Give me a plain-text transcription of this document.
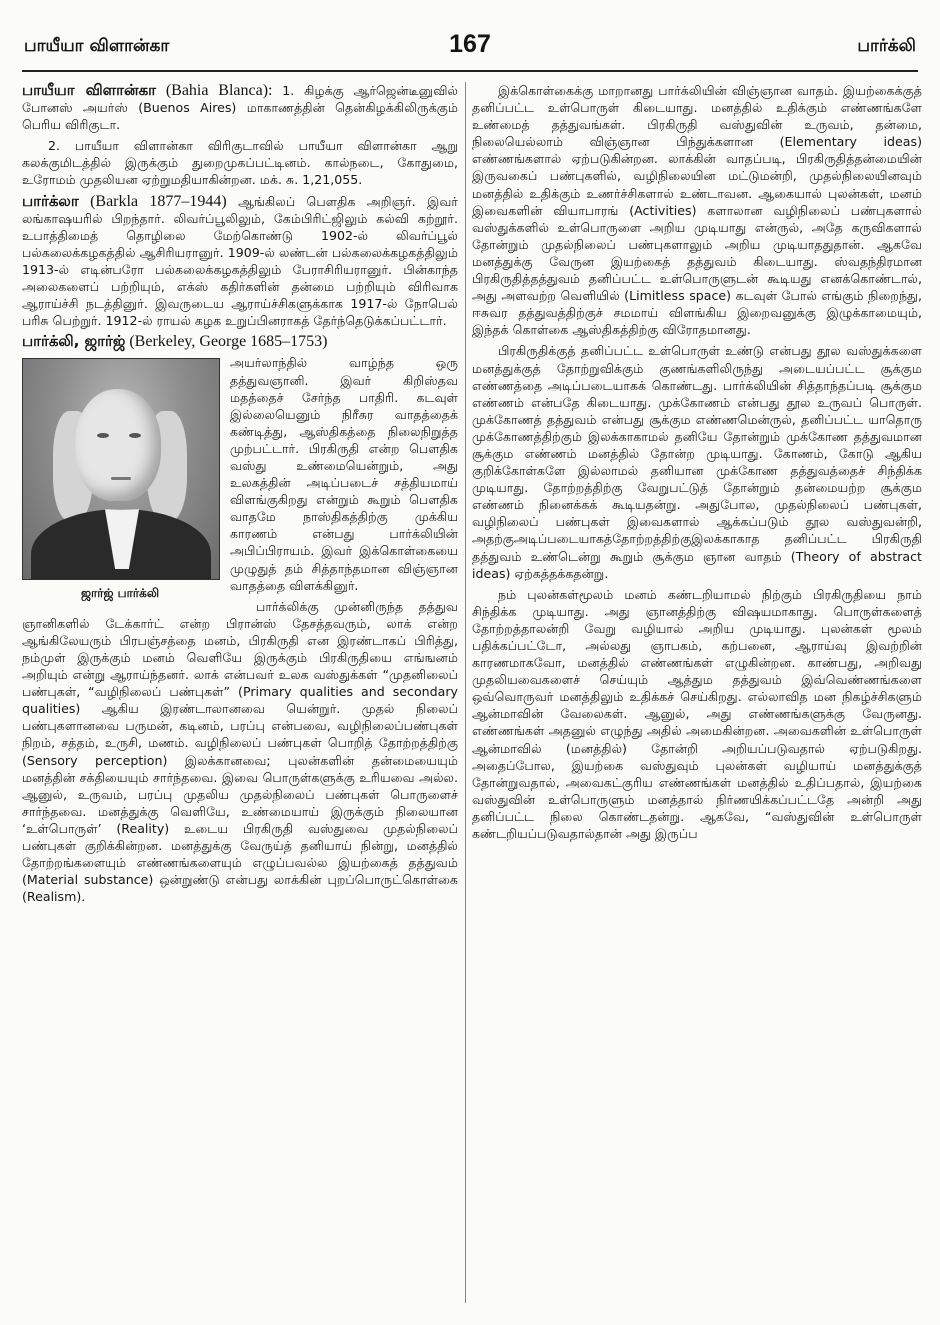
பாயீயா விளான்கா	167	பார்க்லி

பாயீயா விளான்கா (Bahia Blanca): 1. கிழக்கு ஆர்ஜென்டீனுவில் போனஸ் அயர்ஸ் (Buenos Aires) மாகாணத்தின் தென்கிழக்கிலிருக்கும் பெரிய விரிகுடா.

2. பாயீயா விளான்கா விரிகுடாவில் பாயீயா விளான்கா ஆறு கலக்குமிடத்தில் இருக்கும் துறைமுகப்பட்டினம். கால்நடை, கோதுமை, உரோமம் முதலியன ஏற்றுமதியாகின்றன. மக். சு. 1,21,055.

பார்க்லா (Barkla 1877–1944) ஆங்கிலப் பௌதிக அறிஞர். இவர் லங்காஷயரில் பிறந்தார். லிவர்ப்பூலிலும், கேம்பிரிட்ஜிலும் கல்வி கற்றூர். உபாத்திமைத் தொழிலை மேற்கொண்டு 1902-ல் லிவர்ப்பூல் பல்கலைக்கழகத்தில் ஆசிரியரானுர். 1909-ல் லண்டன் பல்கலைக்கழகத்திலும் 1913-ல் எடின்பரோ பல்கலைக்கழகத்திலும் பேராசிரியரானுர். பின்காந்த அலைகளைப் பற்றியும், எக்ஸ் கதிர்களின் தன்மை பற்றியும் விரிவாக ஆராய்ச்சி நடத்தினுர். இவருடைய ஆராய்ச்சிகளுக்காக 1917-ல் நோபெல் பரிசு பெற்றுர். 1912-ல் ராயல் கழக உறுப்பினராகத் தேர்ந்தெடுக்கப்பட்டார்.

பார்க்லி, ஜார்ஜ் (Berkeley, George 1685–1753)

ஜார்ஜ் பார்க்லி

அயர்லாந்தில் வாழ்ந்த ஒரு தத்துவஞானி. இவர் கிறிஸ்தவ மதத்தைச் சேர்ந்த பாதிரி. கடவுள் இல்லையெனும் நிரீசுர வாதத்தைக் கண்டித்து, ஆஸ்திகத்தை நிலைநிறுத்த முற்பட்டார். பிரகிருதி என்ற பௌதிக வஸ்து உண்மையென்றும், அது உலகத்தின் அடிப்படைச் சத்தியமாய் விளங்குகிறது என்றும் கூறும் பௌதிக வாதமே நாஸ்திகத்திற்கு முக்கிய காரணம் என்பது பார்க்லியின் அபிப்பிராயம். இவர் இக்கொள்கையை முழுதுத் தம் சித்தாந்தமான விஞ்ஞான வாதத்தை விளக்கினுர்.

பார்க்லிக்கு முன்னிருந்த தத்துவ ஞானிகளில் டேக்கார்ட் என்ற பிரான்ஸ் தேசத்தவரும், லாக் என்ற ஆங்கிலேயரும் பிரபஞ்சத்தை மனம், பிரகிருதி என இரண்டாகப் பிரித்து, நம்முள் இருக்கும் மனம் வெளியே இருக்கும் பிரகிருதியை எங்ஙனம் அறியும் என்று ஆராய்ந்தனர். லாக் என்பவர் உலக வஸ்துக்கள் “முதனிலைப் பண்புகள், “வழிநிலைப் பண்புகள்” (Primary qualities and secondary qualities) ஆகிய இரண்டாலானவை யென்றுர். முதல் நிலைப் பண்புகளானவை பருமன், கடினம், பரப்பு என்பவை, வழிநிலைப்பண்புகள் நிறம், சத்தம், உருசி, மணம். வழிநிலைப் பண்புகள் பொறித் தோற்றத்திற்கு (Sensory perception) இலக்கானவை; புலன்களின் தன்மையையும் மனத்தின் சக்தியையும் சார்ந்தவை. இவை பொருள்களுக்கு உரியவை அல்ல. ஆனுல், உருவம், பரப்பு முதலிய முதல்நிலைப் பண்புகள் பொருளைச் சார்ந்தவை. மனத்துக்கு வெளியே, உண்மையாய் இருக்கும் நிலையான ‘உள்பொருள்’ (Reality) உடைய பிரகிருதி வஸ்துவை முதல்நிலைப் பண்புகள் குறிக்கின்றன. மனத்துக்கு வேருய்த் தனியாய் நின்று, மனத்தில் தோற்றங்களையும் எண்ணங்களையும் எழுப்பவல்ல இயற்கைத் தத்துவம் (Material substance) ஒன்றுண்டு என்பது லாக்கின் புறப்பொருட்கொள்கை (Realism).

இக்கொள்கைக்கு மாறானது பார்க்லியின் விஞ்ஞான வாதம். இயற்கைக்குத் தனிப்பட்ட உள்பொருள் கிடையாது. மனத்தில் உதிக்கும் எண்ணங்களே உண்மைத் தத்துவங்கள். பிரகிருதி வஸ்துவின் உருவம், தன்மை, நிலையெல்லாம் விஞ்ஞான பிந்துக்களான (Elementary ideas) எண்ணங்களால் ஏற்படுகின்றன. லாக்கின் வாதப்படி, பிரகிருதித்தன்மையின் இருவகைப் பண்புகளில், வழிநிலையின மட்டுமன்றி, முதல்நிலையினவும் மனத்தில் உதிக்கும் உணர்ச்சிகளால் உண்டாவன. ஆகையால் புலன்கள், மனம் இவைகளின் வியாபாரங் (Activities) களாலான வழிநிலைப் பண்புகளால் வஸ்துக்களில் உள்பொருளை அறிய முடியாது என்ருல், அதே கருவிகளால் தோன்றும் முதல்நிலைப் பண்புகளாலும் அறிய முடியாததுதான். ஆகவே மனத்துக்கு வேருன இயற்கைத் தத்துவம் கிடையாது. ஸ்வதந்திரமான பிரகிருதித்தத்துவம் தனிப்பட்ட உள்பொருளுடன் கூடியது எனக்கொண்டால், அது அளவற்ற வெளியில் (Limitless space) கடவுள் போல் எங்கும் நிறைந்து, ஈசுவர தத்துவத்திற்குச் சமமாய் விளங்கிய இறைவனுக்கு இழுக்காமையும், இந்தக் கொள்கை ஆஸ்திகத்திற்கு விரோதமானது.

பிரகிருதிக்குத் தனிப்பட்ட உள்பொருள் உண்டு என்பது தூல வஸ்துக்களை மனத்துக்குத் தோற்றுவிக்கும் குணங்களிலிருந்து அடையப்பட்ட சூக்கும எண்ணத்தை அடிப்படையாகக் கொண்டது. பார்க்லியின் சித்தாந்தப்படி சூக்கும எண்ணம் என்பதே கிடையாது. முக்கோணம் என்பது தூல உருவப் பொருள். முக்கோணத் தத்துவம் என்பது சூக்கும எண்ணமென்ருல், தனிப்பட்ட யாதொரு முக்கோணத்திற்கும் இலக்காகாமல் தனியே தோன்றும் முக்கோண தத்துவமான சூக்கும எண்ணம் மனத்தில் தோன்ற முடியாது. கோணம், கோடு ஆகிய குறிக்கோள்களே இல்லாமல் தனியான முக்கோண தத்துவத்தைச் சிந்திக்க முடியாது. தோற்றத்திற்கு வேறுபட்டுத் தோன்றும் தன்மையற்ற சூக்கும எண்ணம் நினைக்கக் கூடியதன்று. அதுபோல, முதல்நிலைப் பண்புகள், வழிநிலைப் பண்புகள் இவைகளால் ஆக்கப்படும் தூல வஸ்துவன்றி, அதற்குஅடிப்படையாகத்தோற்றத்திற்குஇலக்காகாத தனிப்பட்ட பிரகிருதி தத்துவம் உண்டென்று கூறும் சூக்கும ஞான வாதம் (Theory of abstract ideas) ஏற்கத்தக்கதன்று.

நம் புலன்கள்மூலம் மனம் கண்டறியாமல் நிற்கும் பிரகிருதியை நாம் சிந்திக்க முடியாது. அது ஞானத்திற்கு விஷயமாகாது. பொருள்களைத் தோற்றத்தாலன்றி வேறு வழியால் அறிய முடியாது. புலன்கள் மூலம் பதிக்கப்பட்டோ, அல்லது ஞாபகம், கற்பனை, ஆராய்வு இவற்றின் காரணமாகவோ, மனத்தில் எண்ணங்கள் எழுகின்றன. காண்பது, அறிவது முதலியவைகளைச் செய்யும் ஆத்தும தத்துவம் இவ்வெண்ணங்களை ஒவ்வொருவர் மனத்திலும் உதிக்கச் செய்கிறது. எல்லாவித மன நிகழ்ச்சிகளும் ஆன்மாவின் வேலைகள். ஆனுல், அது எண்ணங்களுக்கு வேருனது. எண்ணங்கள் அதனுல் எழுந்து அதில் அமைகின்றன. அவைகளின் உள்பொருள் ஆன்மாவில் (மனத்தில்) தோன்றி அறியப்படுவதால் ஏற்படுகிறது. அதைப்போல, இயற்கை வஸ்துவும் புலன்கள் வழியாய் மனத்துக்குத் தோன்றுவதால், அவைகட்குரிய எண்ணங்கள் மனத்தில் உதிப்பதால், இயற்கை வஸ்துவின் உள்பொருளும் மனத்தால் நிர்ணயிக்கப்பட்டதே அன்றி அது தனிப்பட்ட நிலை கொண்டதன்று. ஆகவே, “வஸ்துவின் உள்பொருள் கண்டறியப்படுவதால்தான் அது இருப்ப
